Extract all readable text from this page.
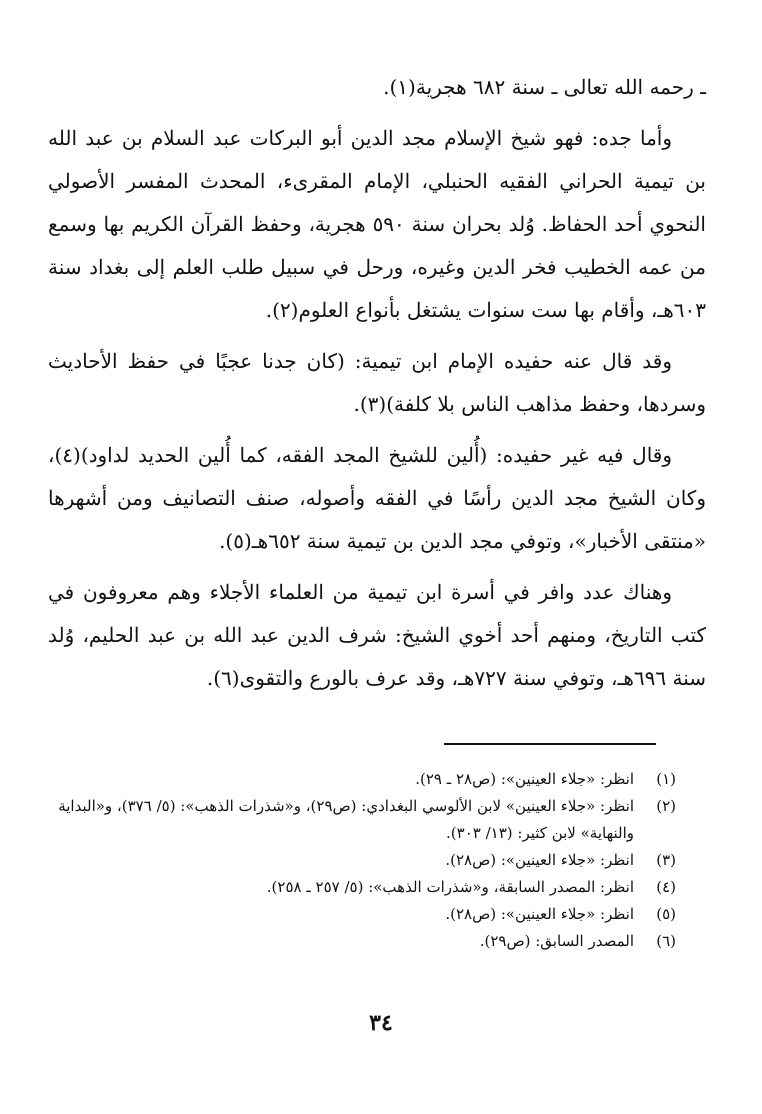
ـ رحمه الله تعالى ـ سنة ٦٨٢ هجرية(١).

وأما جده: فهو شيخ الإسلام مجد الدين أبو البركات عبد السلام بن عبد الله بن تيمية الحراني الفقيه الحنبلي، الإمام المقرىء، المحدث المفسر الأصولي النحوي أحد الحفاظ. وُلد بحران سنة ٥٩٠ هجرية، وحفظ القرآن الكريم بها وسمع من عمه الخطيب فخر الدين وغيره، ورحل في سبيل طلب العلم إلى بغداد سنة ٦٠٣هـ، وأقام بها ست سنوات يشتغل بأنواع العلوم(٢).

وقد قال عنه حفيده الإمام ابن تيمية: (كان جدنا عجبًا في حفظ الأحاديث وسردها، وحفظ مذاهب الناس بلا كلفة)(٣).

وقال فيه غير حفيده: (أُلين للشيخ المجد الفقه، كما أُلين الحديد لداود)(٤)، وكان الشيخ مجد الدين رأسًا في الفقه وأصوله، صنف التصانيف ومن أشهرها «منتقى الأخبار»، وتوفي مجد الدين بن تيمية سنة ٦٥٢هـ(٥).

وهناك عدد وافر في أسرة ابن تيمية من العلماء الأجلاء وهم معروفون في كتب التاريخ، ومنهم أحد أخوي الشيخ: شرف الدين عبد الله بن عبد الحليم، وُلد سنة ٦٩٦هـ، وتوفي سنة ٧٢٧هـ، وقد عرف بالورع والتقوى(٦).

(١)
انظر: «جلاء العينين»: (ص٢٨ ـ ٢٩).
(٢)
انظر: «جلاء العينين» لابن الألوسي البغدادي: (ص٢٩)، و«شذرات الذهب»: (٥/ ٣٧٦)، و«البداية والنهاية» لابن كثير: (١٣/ ٣٠٣).
(٣)
انظر: «جلاء العينين»: (ص٢٨).
(٤)
انظر: المصدر السابقة، و«شذرات الذهب»: (٥/ ٢٥٧ ـ ٢٥٨).
(٥)
انظر: «جلاء العينين»: (ص٢٨).
(٦)
المصدر السابق: (ص٢٩).
٣٤
